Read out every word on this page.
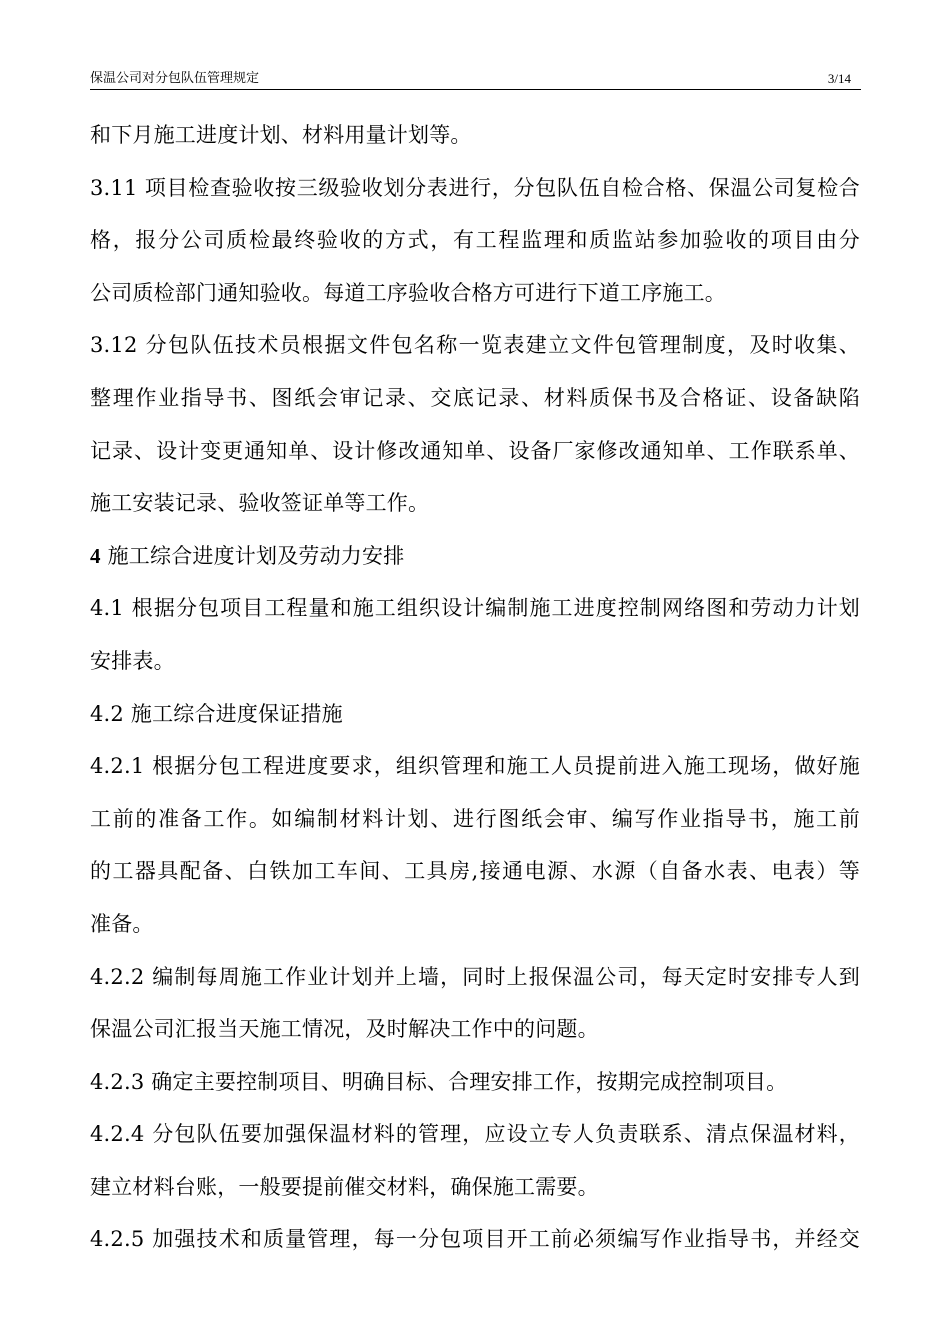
保温公司对分包队伍管理规定	3/14
和下月施工进度计划、材料用量计划等。
3.11 项目检查验收按三级验收划分表进行，分包队伍自检合格、保温公司复检合
格，报分公司质检最终验收的方式，有工程监理和质监站参加验收的项目由分
公司质检部门通知验收。每道工序验收合格方可进行下道工序施工。
3.12 分包队伍技术员根据文件包名称一览表建立文件包管理制度，及时收集、
整理作业指导书、图纸会审记录、交底记录、材料质保书及合格证、设备缺陷
记录、设计变更通知单、设计修改通知单、设备厂家修改通知单、工作联系单、
施工安装记录、验收签证单等工作。
4 施工综合进度计划及劳动力安排
4.1 根据分包项目工程量和施工组织设计编制施工进度控制网络图和劳动力计划
安排表。
4.2 施工综合进度保证措施
4.2.1 根据分包工程进度要求，组织管理和施工人员提前进入施工现场，做好施
工前的准备工作。如编制材料计划、进行图纸会审、编写作业指导书，施工前
的工器具配备、白铁加工车间、工具房,接通电源、水源（自备水表、电表）等
准备。
4.2.2 编制每周施工作业计划并上墙，同时上报保温公司，每天定时安排专人到
保温公司汇报当天施工情况，及时解决工作中的问题。
4.2.3 确定主要控制项目、明确目标、合理安排工作，按期完成控制项目。
4.2.4 分包队伍要加强保温材料的管理，应设立专人负责联系、清点保温材料，
建立材料台账，一般要提前催交材料，确保施工需要。
4.2.5 加强技术和质量管理，每一分包项目开工前必须编写作业指导书，并经交
